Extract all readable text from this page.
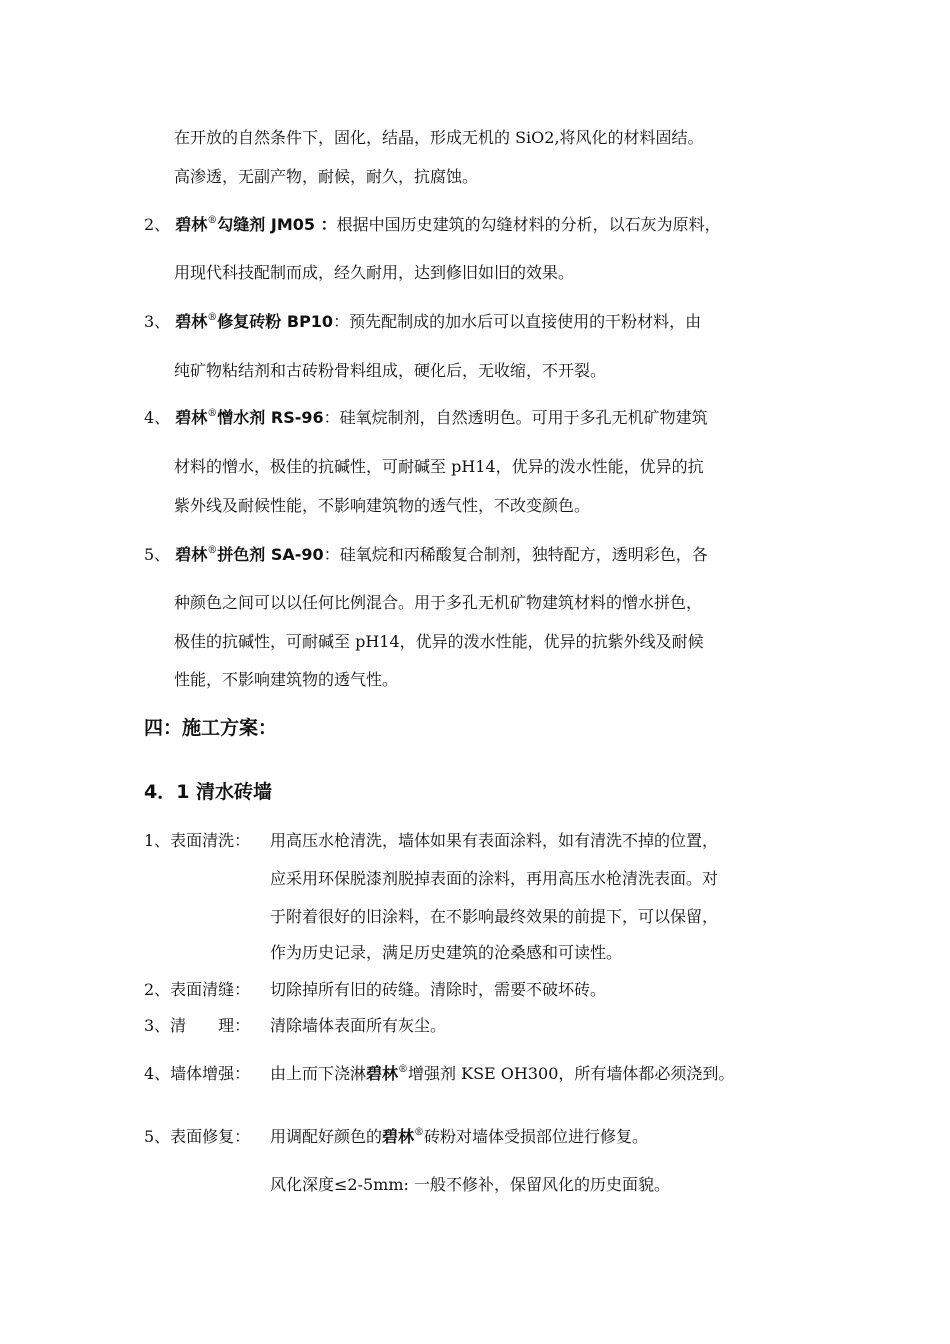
在开放的自然条件下，固化，结晶，形成无机的 SiO2,将风化的材料固结。
高渗透，无副产物，耐候，耐久，抗腐蚀。
2、 碧林®勾缝剂 JM05 ：根据中国历史建筑的勾缝材料的分析，以石灰为原料，
用现代科技配制而成，经久耐用，达到修旧如旧的效果。
3、 碧林®修复砖粉 BP10：预先配制成的加水后可以直接使用的干粉材料，由
纯矿物粘结剂和古砖粉骨料组成，硬化后，无收缩，不开裂。
4、 碧林®憎水剂 RS-96：硅氧烷制剂，自然透明色。可用于多孔无机矿物建筑
材料的憎水，极佳的抗碱性，可耐碱至 pH14，优异的泼水性能，优异的抗
紫外线及耐候性能，不影响建筑物的透气性，不改变颜色。
5、 碧林®拼色剂 SA-90：硅氧烷和丙稀酸复合制剂，独特配方，透明彩色，各
种颜色之间可以以任何比例混合。用于多孔无机矿物建筑材料的憎水拼色，
极佳的抗碱性，可耐碱至 pH14，优异的泼水性能，优异的抗紫外线及耐候
性能，不影响建筑物的透气性。
四：施工方案：
4．1 清水砖墙
1、表面清洗： 用高压水枪清洗，墙体如果有表面涂料，如有清洗不掉的位置，
应采用环保脱漆剂脱掉表面的涂料，再用高压水枪清洗表面。对
于附着很好的旧涂料，在不影响最终效果的前提下，可以保留，
作为历史记录，满足历史建筑的沧桑感和可读性。
2、表面清缝： 切除掉所有旧的砖缝。清除时，需要不破坏砖。
3、清　　理： 清除墙体表面所有灰尘。
4、墙体增强： 由上而下浇淋碧林®增强剂 KSE OH300，所有墙体都必须浇到。
5、表面修复： 用调配好颜色的碧林®砖粉对墙体受损部位进行修复。
风化深度≤2-5mm: 一般不修补，保留风化的历史面貌。
